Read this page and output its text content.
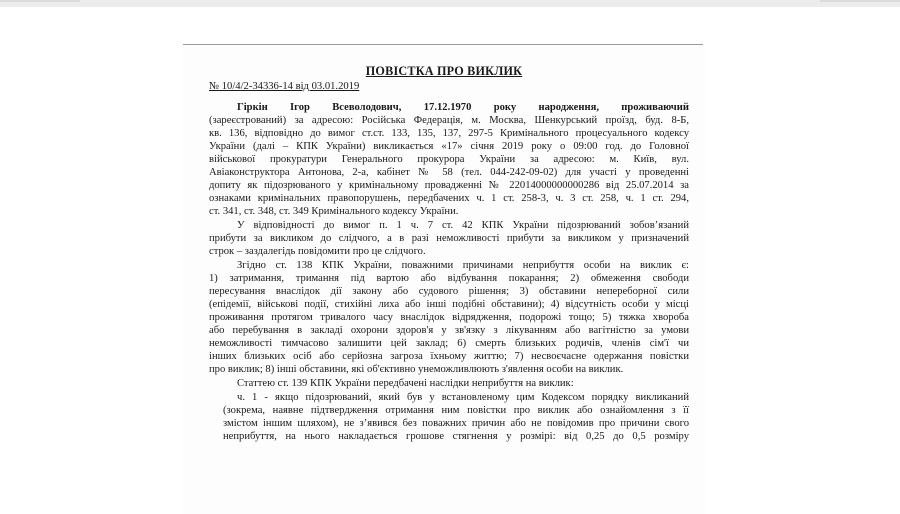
ПОВІСТКА ПРО ВИКЛИК
№ 10/4/2-34336-14 від 03.01.2019
Гіркін Ігор Всеволодович, 17.12.1970 року народження, проживаючий
(зареєстрований) за адресою: Російська Федерація, м. Москва, Шенкурський проїзд, буд. 8-Б,
кв. 136, відповідно до вимог ст.ст. 133, 135, 137, 297-5 Кримінального процесуального кодексу
України (далі – КПК України) викликається «17» січня 2019 року о 09:00 год. до Головної
військової прокуратури Генерального прокурора України за адресою: м. Київ, вул.
Авіаконструктора Антонова, 2-а, кабінет № 58 (тел. 044-242-09-02) для участі у проведенні
допиту як підозрюваного у кримінальному провадженні № 22014000000000286 від 25.07.2014 за
ознаками кримінальних правопорушень, передбачених ч. 1 ст. 258-3, ч. 3 ст. 258, ч. 1 ст. 294,
ст. 341, ст. 348, ст. 349 Кримінального кодексу України.
У відповідності до вимог п. 1 ч. 7 ст. 42 КПК України підозрюваний зобов’язаний
прибути за викликом до слідчого, а в разі неможливості прибути за викликом у призначений
строк – заздалегідь повідомити про це слідчого.
Згідно ст. 138 КПК України, поважними причинами неприбуття особи на виклик є:
1) затримання, тримання під вартою або відбування покарання; 2) обмеження свободи
пересування внаслідок дії закону або судового рішення; 3) обставини непереборної сили
(епідемії, військові події, стихійні лиха або інші подібні обставини); 4) відсутність особи у місці
проживання протягом тривалого часу внаслідок відрядження, подорожі тощо; 5) тяжка хвороба
або перебування в закладі охорони здоров'я у зв'язку з лікуванням або вагітністю за умови
неможливості тимчасово залишити цей заклад; 6) смерть близьких родичів, членів сім'ї чи
інших близьких осіб або серйозна загроза їхньому життю; 7) несвоєчасне одержання повістки
про виклик; 8) інші обставини, які об'єктивно унеможливлюють з'явлення особи на виклик.
Статтею ст. 139 КПК України передбачені наслідки неприбуття на виклик:
ч. 1 - якщо підозрюваний, який був у встановленому цим Кодексом порядку викликаний
(зокрема, наявне підтвердження отримання ним повістки про виклик або ознайомлення з її
змістом іншим шляхом), не з’явився без поважних причин або не повідомив про причини свого
неприбуття, на нього накладається грошове стягнення у розмірі: від 0,25 до 0,5 розміру
